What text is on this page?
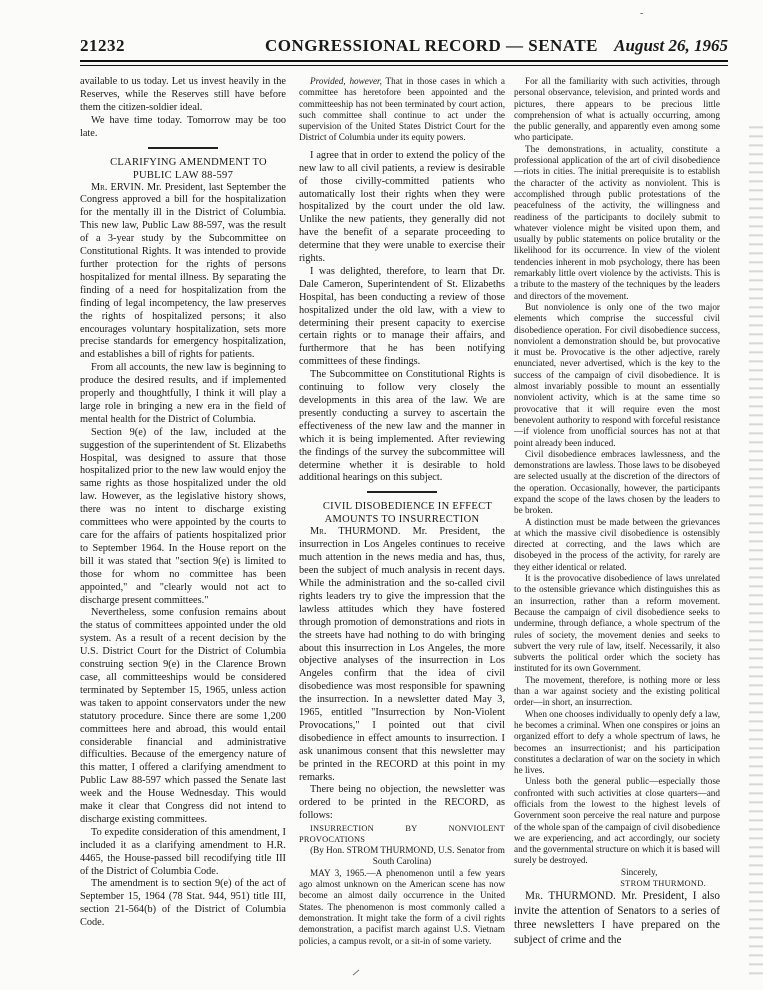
-
21232	CONGRESSIONAL RECORD — SENATE August 26, 1965

available to us today. Let us invest heavily in the Reserves, while the Reserves still have before them the citizen-soldier ideal.

We have time today. Tomorrow may be too late.

CLARIFYING AMENDMENT TO PUBLIC LAW 88-597

Mr. ERVIN. Mr. President, last September the Congress approved a bill for the hospitalization for the mentally ill in the District of Columbia. This new law, Public Law 88-597, was the result of a 3-year study by the Subcommittee on Constitutional Rights. It was intended to provide further protection for the rights of persons hospitalized for mental illness. By separating the finding of a need for hospitalization from the finding of legal incompetency, the law preserves the rights of hospitalized persons; it also encourages voluntary hospitalization, sets more precise standards for emergency hospitalization, and establishes a bill of rights for patients.

From all accounts, the new law is beginning to produce the desired results, and if implemented properly and thoughtfully, I think it will play a large role in bringing a new era in the field of mental health for the District of Columbia.

Section 9(e) of the law, included at the suggestion of the superintendent of St. Elizabeths Hospital, was designed to assure that those hospitalized prior to the new law would enjoy the same rights as those hospitalized under the old law. However, as the legislative history shows, there was no intent to discharge existing committees who were appointed by the courts to care for the affairs of patients hospitalized prior to September 1964. In the House report on the bill it was stated that "section 9(e) is limited to those for whom no committee has been appointed," and "clearly would not act to discharge present committees."

Nevertheless, some confusion remains about the status of committees appointed under the old system. As a result of a recent decision by the U.S. District Court for the District of Columbia construing section 9(e) in the Clarence Brown case, all committeeships would be considered terminated by September 15, 1965, unless action was taken to appoint conservators under the new statutory procedure. Since there are some 1,200 committees here and abroad, this would entail considerable financial and administrative difficulties. Because of the emergency nature of this matter, I offered a clarifying amendment to Public Law 88-597 which passed the Senate last week and the House Wednesday. This would make it clear that Congress did not intend to discharge existing committees.

To expedite consideration of this amendment, I included it as a clarifying amendment to H.R. 4465, the House-passed bill recodifying title III of the District of Columbia Code.

The amendment is to section 9(e) of the act of September 15, 1964 (78 Stat. 944, 951) title III, section 21-564(b) of the District of Columbia Code.

Provided, however, That in those cases in which a committee has heretofore been appointed and the committeeship has not been terminated by court action, such committee shall continue to act under the supervision of the United States District Court for the District of Columbia under its equity powers.

I agree that in order to extend the policy of the new law to all civil patients, a review is desirable of those civilly-committed patients who automatically lost their rights when they were hospitalized by the court under the old law. Unlike the new patients, they generally did not have the benefit of a separate proceeding to determine that they were unable to exercise their rights.

I was delighted, therefore, to learn that Dr. Dale Cameron, Superintendent of St. Elizabeths Hospital, has been conducting a review of those hospitalized under the old law, with a view to determining their present capacity to exercise certain rights or to manage their affairs, and furthermore that he has been notifying committees of these findings.

The Subcommittee on Constitutional Rights is continuing to follow very closely the developments in this area of the law. We are presently conducting a survey to ascertain the effectiveness of the new law and the manner in which it is being implemented. After reviewing the findings of the survey the subcommittee will determine whether it is desirable to hold additional hearings on this subject.

CIVIL DISOBEDIENCE IN EFFECT AMOUNTS TO INSURRECTION

Mr. THURMOND. Mr. President, the insurrection in Los Angeles continues to receive much attention in the news media and has, thus, been the subject of much analysis in recent days. While the administration and the so-called civil rights leaders try to give the impression that the lawless attitudes which they have fostered through promotion of demonstrations and riots in the streets have had nothing to do with bringing about this insurrection in Los Angeles, the more objective analyses of the insurrection in Los Angeles confirm that the idea of civil disobedience was most responsible for spawning the insurrection. In a newsletter dated May 3, 1965, entitled "Insurrection by Non-Violent Provocations," I pointed out that civil disobedience in effect amounts to insurrection. I ask unanimous consent that this newsletter may be printed in the RECORD at this point in my remarks.

There being no objection, the newsletter was ordered to be printed in the RECORD, as follows:

INSURRECTION BY NONVIOLENT PROVOCATIONS

(By Hon. STROM THURMOND, U.S. Senator from South Carolina)

MAY 3, 1965.—A phenomenon until a few years ago almost unknown on the American scene has now become an almost daily occurrence in the United States. The phenomenon is most commonly called a demonstration. It might take the form of a civil rights demonstration, a pacifist march against U.S. Vietnam policies, a campus revolt, or a sit-in of some variety.

For all the familiarity with such activities, through personal observance, television, and printed words and pictures, there appears to be precious little comprehension of what is actually occurring, among the public generally, and apparently even among some who participate.

The demonstrations, in actuality, constitute a professional application of the art of civil disobedience—riots in cities. The initial prerequisite is to establish the character of the activity as nonviolent. This is accomplished through public protestations of the peacefulness of the activity, the willingness and readiness of the participants to docilely submit to whatever violence might be visited upon them, and usually by public statements on police brutality or the likelihood for its occurrence. In view of the violent tendencies inherent in mob psychology, there has been remarkably little overt violence by the activists. This is a tribute to the mastery of the techniques by the leaders and directors of the movement.

But nonviolence is only one of the two major elements which comprise the successful civil disobedience operation. For civil disobedience success, nonviolent a demonstration should be, but provocative it must be. Provocative is the other adjective, rarely enunciated, never advertised, which is the key to the success of the campaign of civil disobedience. It is almost invariably possible to mount an essentially nonviolent activity, which is at the same time so provocative that it will require even the most benevolent authority to respond with forceful resistance—if violence from unofficial sources has not at that point already been induced.

Civil disobedience embraces lawlessness, and the demonstrations are lawless. Those laws to be disobeyed are selected usually at the discretion of the directors of the operation. Occasionally, however, the participants expand the scope of the laws chosen by the leaders to be broken.

A distinction must be made between the grievances at which the massive civil disobedience is ostensibly directed at correcting, and the laws which are disobeyed in the process of the activity, for rarely are they either identical or related.

It is the provocative disobedience of laws unrelated to the ostensible grievance which distinguishes this as an insurrection, rather than a reform movement. Because the campaign of civil disobedience seeks to undermine, through defiance, a whole spectrum of the rules of society, the movement denies and seeks to subvert the very rule of law, itself. Necessarily, it also subverts the political order which the society has instituted for its own Government.

The movement, therefore, is nothing more or less than a war against society and the existing political order—in short, an insurrection.

When one chooses individually to openly defy a law, he becomes a criminal. When one conspires or joins an organized effort to defy a whole spectrum of laws, he becomes an insurrectionist; and his participation constitutes a declaration of war on the society in which he lives.

Unless both the general public—especially those confronted with such activities at close quarters—and officials from the lowest to the highest levels of Government soon perceive the real nature and purpose of the whole span of the campaign of civil disobedience we are experiencing, and act accordingly, our society and the governmental structure on which it is based will surely be destroyed.

Sincerely,

STROM THURMOND.

Mr. THURMOND. Mr. President, I also invite the attention of Senators to a series of three newsletters I have prepared on the subject of crime and the
